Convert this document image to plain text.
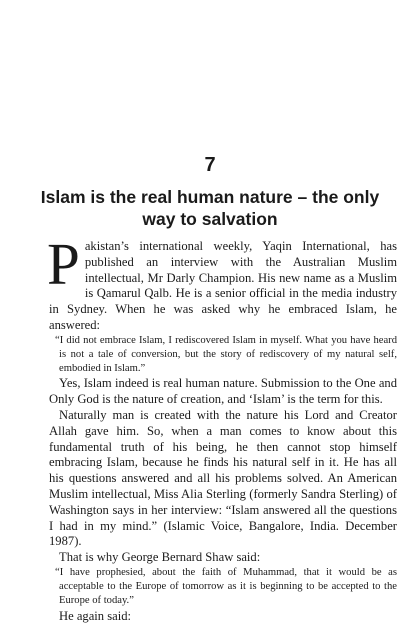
7
Islam is the real human nature – the only way to salvation

Pakistan’s international weekly, Yaqin International, has published an interview with the Australian Muslim intellectual, Mr Darly Champion. His new name as a Muslim is Qamarul Qalb. He is a senior official in the media industry in Sydney. When he was asked why he embraced Islam, he answered:

“I did not embrace Islam, I rediscovered Islam in myself. What you have heard is not a tale of conversion, but the story of rediscovery of my natural self, embodied in Islam.”

Yes, Islam indeed is real human nature. Submission to the One and Only God is the nature of creation, and ‘Islam’ is the term for this.

Naturally man is created with the nature his Lord and Creator Allah gave him. So, when a man comes to know about this fundamental truth of his being, he then cannot stop himself embracing Islam, because he finds his natural self in it. He has all his questions answered and all his problems solved. An American Muslim intellectual, Miss Alia Sterling (formerly Sandra Sterling) of Washington says in her interview: “Islam answered all the questions I had in my mind.” (Islamic Voice, Bangalore, India. December 1987).

That is why George Bernard Shaw said:

“I have prophesied, about the faith of Muhammad, that it would be as acceptable to the Europe of tomorrow as it is beginning to be accepted to the Europe of today.”

He again said:
